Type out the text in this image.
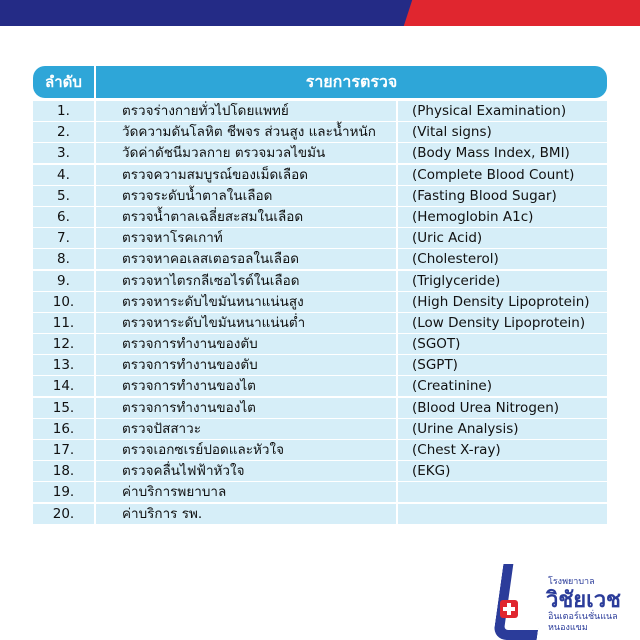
ลำดับ	รายการตรวจ
1.	ตรวจร่างกายทั่วไปโดยแพทย์	(Physical Examination)
2.	วัดความดันโลหิต ชีพจร ส่วนสูง และน้ำหนัก	(Vital signs)
3.	วัดค่าดัชนีมวลกาย ตรวจมวลไขมัน	(Body Mass Index, BMI)
4.	ตรวจความสมบูรณ์ของเม็ดเลือด	(Complete Blood Count)
5.	ตรวจระดับน้ำตาลในเลือด	(Fasting Blood Sugar)
6.	ตรวจน้ำตาลเฉลี่ยสะสมในเลือด	(Hemoglobin A1c)
7.	ตรวจหาโรคเกาท์	(Uric Acid)
8.	ตรวจหาคอเลสเตอรอลในเลือด	(Cholesterol)
9.	ตรวจหาไตรกลีเซอไรด์ในเลือด	(Triglyceride)
10.	ตรวจหาระดับไขมันหนาแน่นสูง	(High Density Lipoprotein)
11.	ตรวจหาระดับไขมันหนาแน่นต่ำ	(Low Density Lipoprotein)
12.	ตรวจการทำงานของตับ	(SGOT)
13.	ตรวจการทำงานของตับ	(SGPT)
14.	ตรวจการทำงานของไต	(Creatinine)
15.	ตรวจการทำงานของไต	(Blood Urea Nitrogen)
16.	ตรวจปัสสาวะ	(Urine Analysis)
17.	ตรวจเอกซเรย์ปอดและหัวใจ	(Chest X-ray)
18.	ตรวจคลื่นไฟฟ้าหัวใจ	(EKG)
19.	ค่าบริการพยาบาล
20.	ค่าบริการ รพ.
โรงพยาบาล
วิชัยเวช
อินเตอร์เนชั่นแนล
หนองแขม
